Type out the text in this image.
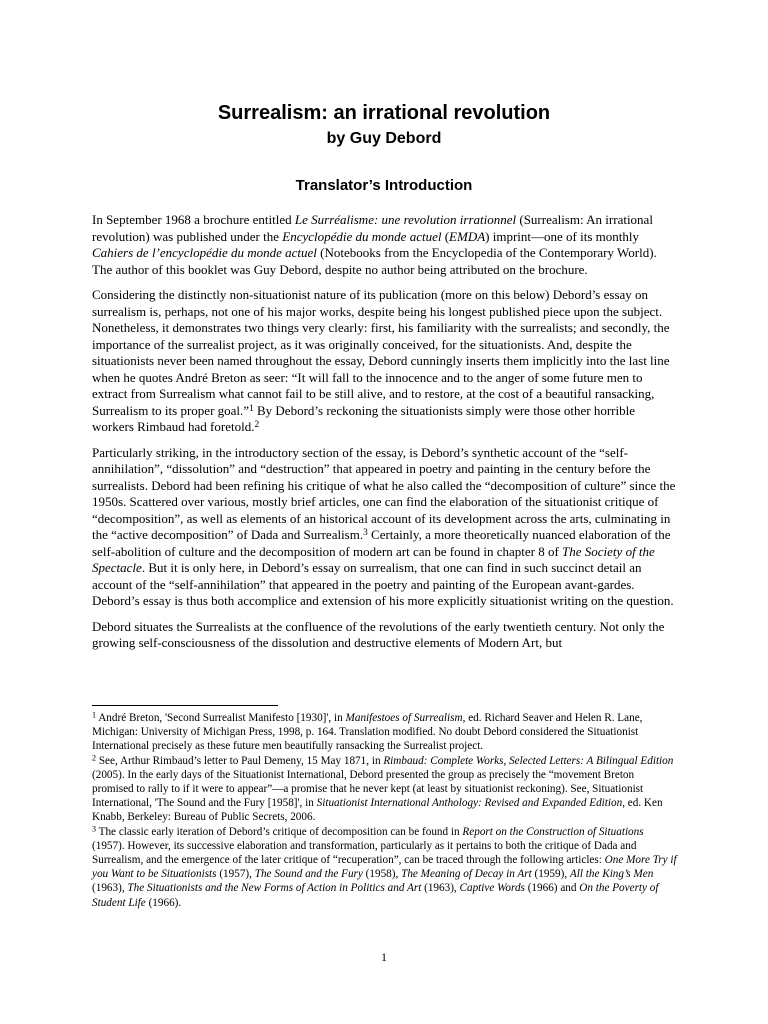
Surrealism: an irrational revolution
by Guy Debord
Translator’s Introduction

In September 1968 a brochure entitled Le Surréalisme: une revolution irrationnel (Surrealism: An irrational revolution) was published under the Encyclopédie du monde actuel (EMDA) imprint—one of its monthly Cahiers de l’encyclopédie du monde actuel (Notebooks from the Encyclopedia of the Contemporary World). The author of this booklet was Guy Debord, despite no author being attributed on the brochure.

Considering the distinctly non-situationist nature of its publication (more on this below) Debord’s essay on surrealism is, perhaps, not one of his major works, despite being his longest published piece upon the subject. Nonetheless, it demonstrates two things very clearly: first, his familiarity with the surrealists; and secondly, the importance of the surrealist project, as it was originally conceived, for the situationists. And, despite the situationists never been named throughout the essay, Debord cunningly inserts them implicitly into the last line when he quotes André Breton as seer: “It will fall to the innocence and to the anger of some future men to extract from Surrealism what cannot fail to be still alive, and to restore, at the cost of a beautiful ransacking, Surrealism to its proper goal.”$^1$ By Debord’s reckoning the situationists simply were those other horrible workers Rimbaud had foretold.$^2$

Particularly striking, in the introductory section of the essay, is Debord’s synthetic account of the “self-annihilation”, “dissolution” and “destruction” that appeared in poetry and painting in the century before the surrealists. Debord had been refining his critique of what he also called the “decomposition of culture” since the 1950s. Scattered over various, mostly brief articles, one can find the elaboration of the situationist critique of “decomposition”, as well as elements of an historical account of its development across the arts, culminating in the “active decomposition” of Dada and Surrealism.$^3$ Certainly, a more theoretically nuanced elaboration of the self-abolition of culture and the decomposition of modern art can be found in chapter 8 of The Society of the Spectacle. But it is only here, in Debord’s essay on surrealism, that one can find in such succinct detail an account of the “self-annihilation” that appeared in the poetry and painting of the European avant-gardes. Debord’s essay is thus both accomplice and extension of his more explicitly situationist writing on the question.

Debord situates the Surrealists at the confluence of the revolutions of the early twentieth century. Not only the growing self-consciousness of the dissolution and destructive elements of Modern Art, but

$^1$ André Breton, 'Second Surrealist Manifesto [1930]', in Manifestoes of Surrealism, ed. Richard Seaver and Helen R. Lane, Michigan: University of Michigan Press, 1998, p. 164. Translation modified. No doubt Debord considered the Situationist International precisely as these future men beautifully ransacking the Surrealist project.

$^2$ See, Arthur Rimbaud’s letter to Paul Demeny, 15 May 1871, in Rimbaud: Complete Works, Selected Letters: A Bilingual Edition (2005). In the early days of the Situationist International, Debord presented the group as precisely the “movement Breton promised to rally to if it were to appear”—a promise that he never kept (at least by situationist reckoning). See, Situationist International, 'The Sound and the Fury [1958]', in Situationist International Anthology: Revised and Expanded Edition, ed. Ken Knabb, Berkeley: Bureau of Public Secrets, 2006.

$^3$ The classic early iteration of Debord’s critique of decomposition can be found in Report on the Construction of Situations (1957). However, its successive elaboration and transformation, particularly as it pertains to both the critique of Dada and Surrealism, and the emergence of the later critique of “recuperation”, can be traced through the following articles: One More Try if you Want to be Situationists (1957), The Sound and the Fury (1958), The Meaning of Decay in Art (1959), All the King’s Men (1963), The Situationists and the New Forms of Action in Politics and Art (1963), Captive Words (1966) and On the Poverty of Student Life (1966).

1
